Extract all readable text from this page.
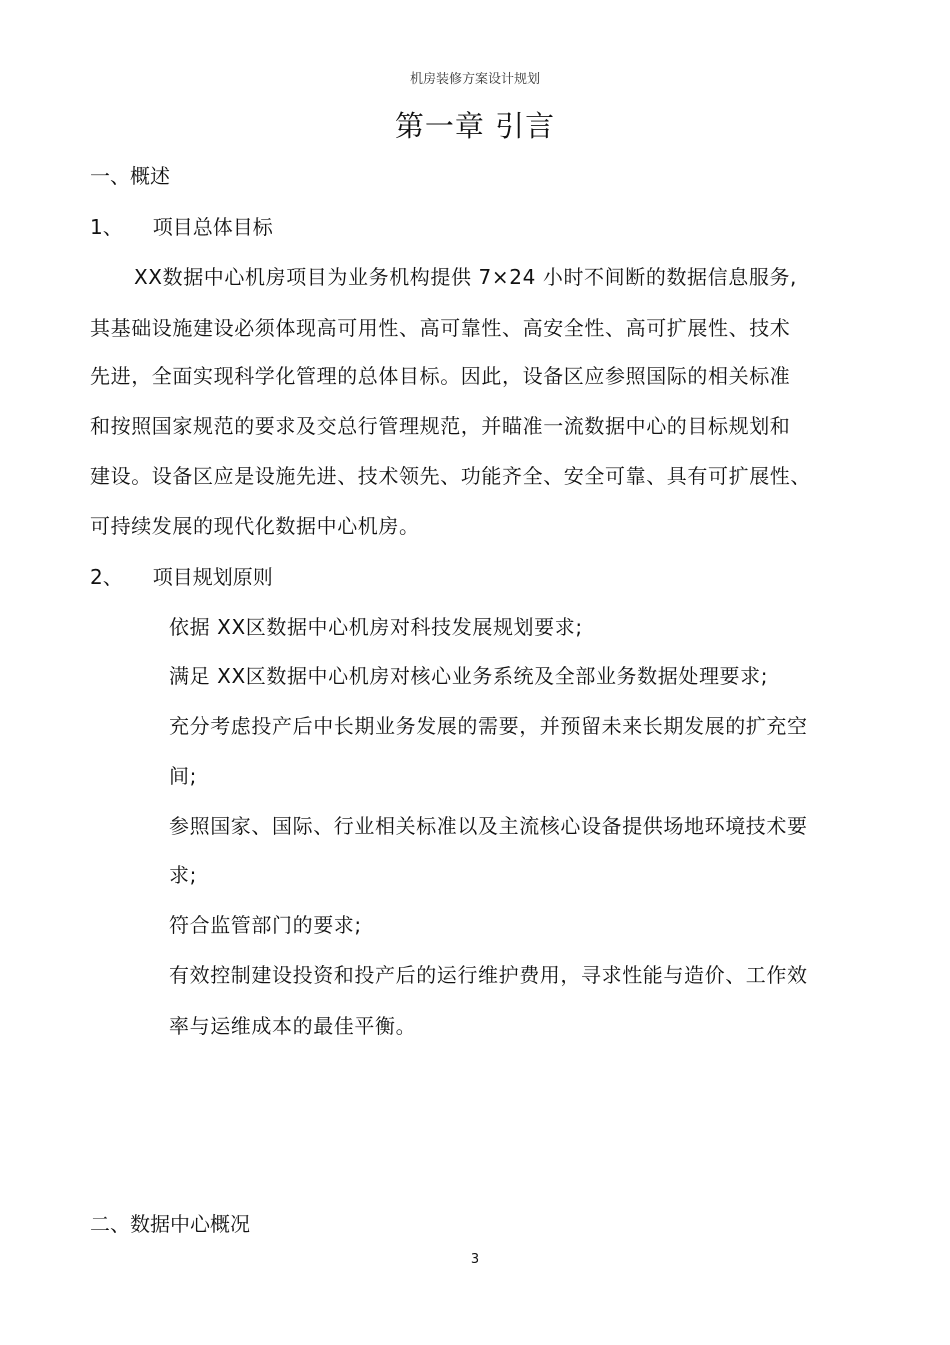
机房装修方案设计规划
第一章 引言
一、概述
1、 项目总体目标
XX数据中心机房项目为业务机构提供 7×24 小时不间断的数据信息服务,
其基础设施建设必须体现高可用性、高可靠性、高安全性、高可扩展性、技术
先进，全面实现科学化管理的总体目标。因此，设备区应参照国际的相关标准
和按照国家规范的要求及交总行管理规范，并瞄准一流数据中心的目标规划和
建设。设备区应是设施先进、技术领先、功能齐全、安全可靠、具有可扩展性、
可持续发展的现代化数据中心机房。
2、 项目规划原则
依据 XX区数据中心机房对科技发展规划要求;
满足 XX区数据中心机房对核心业务系统及全部业务数据处理要求;
充分考虑投产后中长期业务发展的需要，并预留未来长期发展的扩充空
间;
参照国家、国际、行业相关标准以及主流核心设备提供场地环境技术要
求;
符合监管部门的要求;
有效控制建设投资和投产后的运行维护费用，寻求性能与造价、工作效
率与运维成本的最佳平衡。
二、数据中心概况
3
